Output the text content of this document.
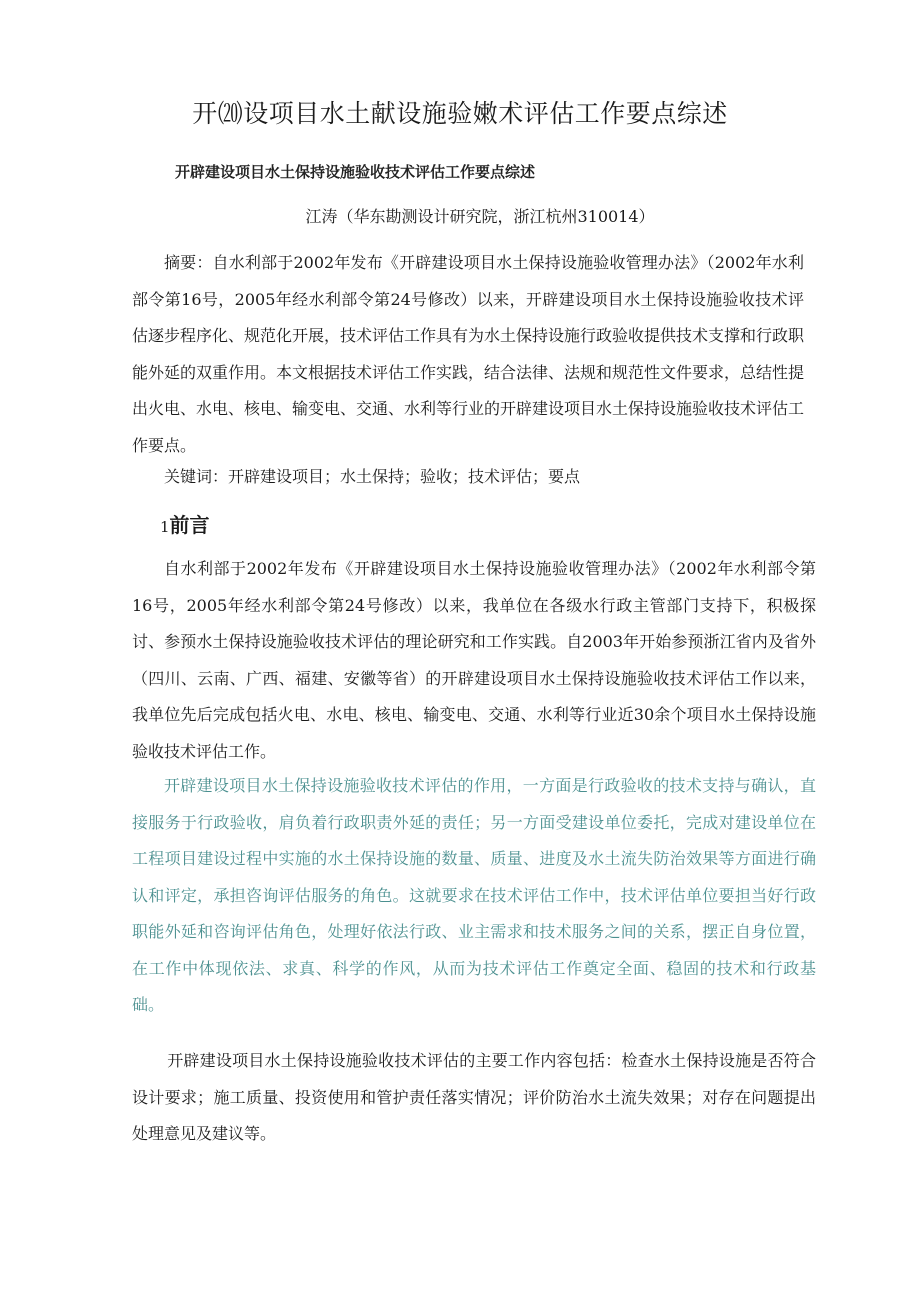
开⒇设项目水土献设施验嫩术评估工作要点综述
开辟建设项目水土保持设施验收技术评估工作要点综述
江涛（华东勘测设计研究院，浙江杭州310014）

摘要：自水利部于2002年发布《开辟建设项目水土保持设施验收管理办法》（2002年水利部令第16号，2005年经水利部令第24号修改）以来，开辟建设项目水土保持设施验收技术评估逐步程序化、规范化开展，技术评估工作具有为水土保持设施行政验收提供技术支撑和行政职能外延的双重作用。本文根据技术评估工作实践，结合法律、法规和规范性文件要求，总结性提出火电、水电、核电、输变电、交通、水利等行业的开辟建设项目水土保持设施验收技术评估工作要点。

关键词：开辟建设项目；水土保持；验收；技术评估；要点

1前言

自水利部于2002年发布《开辟建设项目水土保持设施验收管理办法》（2002年水利部令第16号，2005年经水利部令第24号修改）以来，我单位在各级水行政主管部门支持下，积极探讨、参预水土保持设施验收技术评估的理论研究和工作实践。自2003年开始参预浙江省内及省外（四川、云南、广西、福建、安徽等省）的开辟建设项目水土保持设施验收技术评估工作以来，我单位先后完成包括火电、水电、核电、输变电、交通、水利等行业近30余个项目水土保持设施验收技术评估工作。

开辟建设项目水土保持设施验收技术评估的作用，一方面是行政验收的技术支持与确认，直接服务于行政验收，肩负着行政职责外延的责任；另一方面受建设单位委托，完成对建设单位在工程项目建设过程中实施的水土保持设施的数量、质量、进度及水土流失防治效果等方面进行确认和评定，承担咨询评估服务的角色。这就要求在技术评估工作中，技术评估单位要担当好行政职能外延和咨询评估角色，处理好依法行政、业主需求和技术服务之间的关系，摆正自身位置，在工作中体现依法、求真、科学的作风，从而为技术评估工作奠定全面、稳固的技术和行政基础。

开辟建设项目水土保持设施验收技术评估的主要工作内容包括：检查水土保持设施是否符合设计要求；施工质量、投资使用和管护责任落实情况；评价防治水土流失效果；对存在问题提出处理意见及建议等。
